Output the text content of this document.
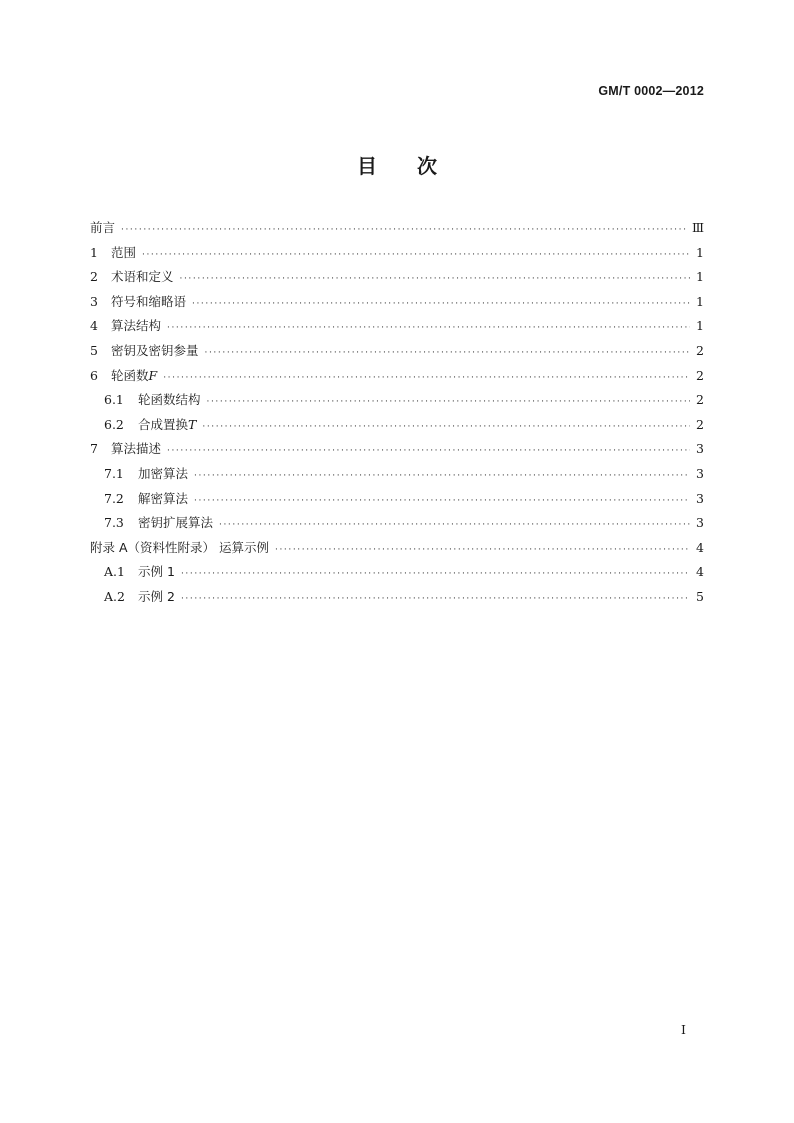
GM/T 0002—2012
目 次
前言 ·····	Ⅲ
1	范围 ·····	1
2	术语和定义 ·····	1
3	符号和缩略语 ·····	1
4	算法结构 ·····	1
5	密钥及密钥参量 ·····	2
6	轮函数 F ·····	2
6.1	轮函数结构 ·····	2
6.2	合成置换 T ·····	2
7	算法描述 ·····	3
7.1	加密算法 ·····	3
7.2	解密算法 ·····	3
7.3	密钥扩展算法 ·····	3
附录 A（资料性附录） 运算示例 ·····	4
A.1	示例 1 ·····	4
A.2	示例 2 ·····	5
I
